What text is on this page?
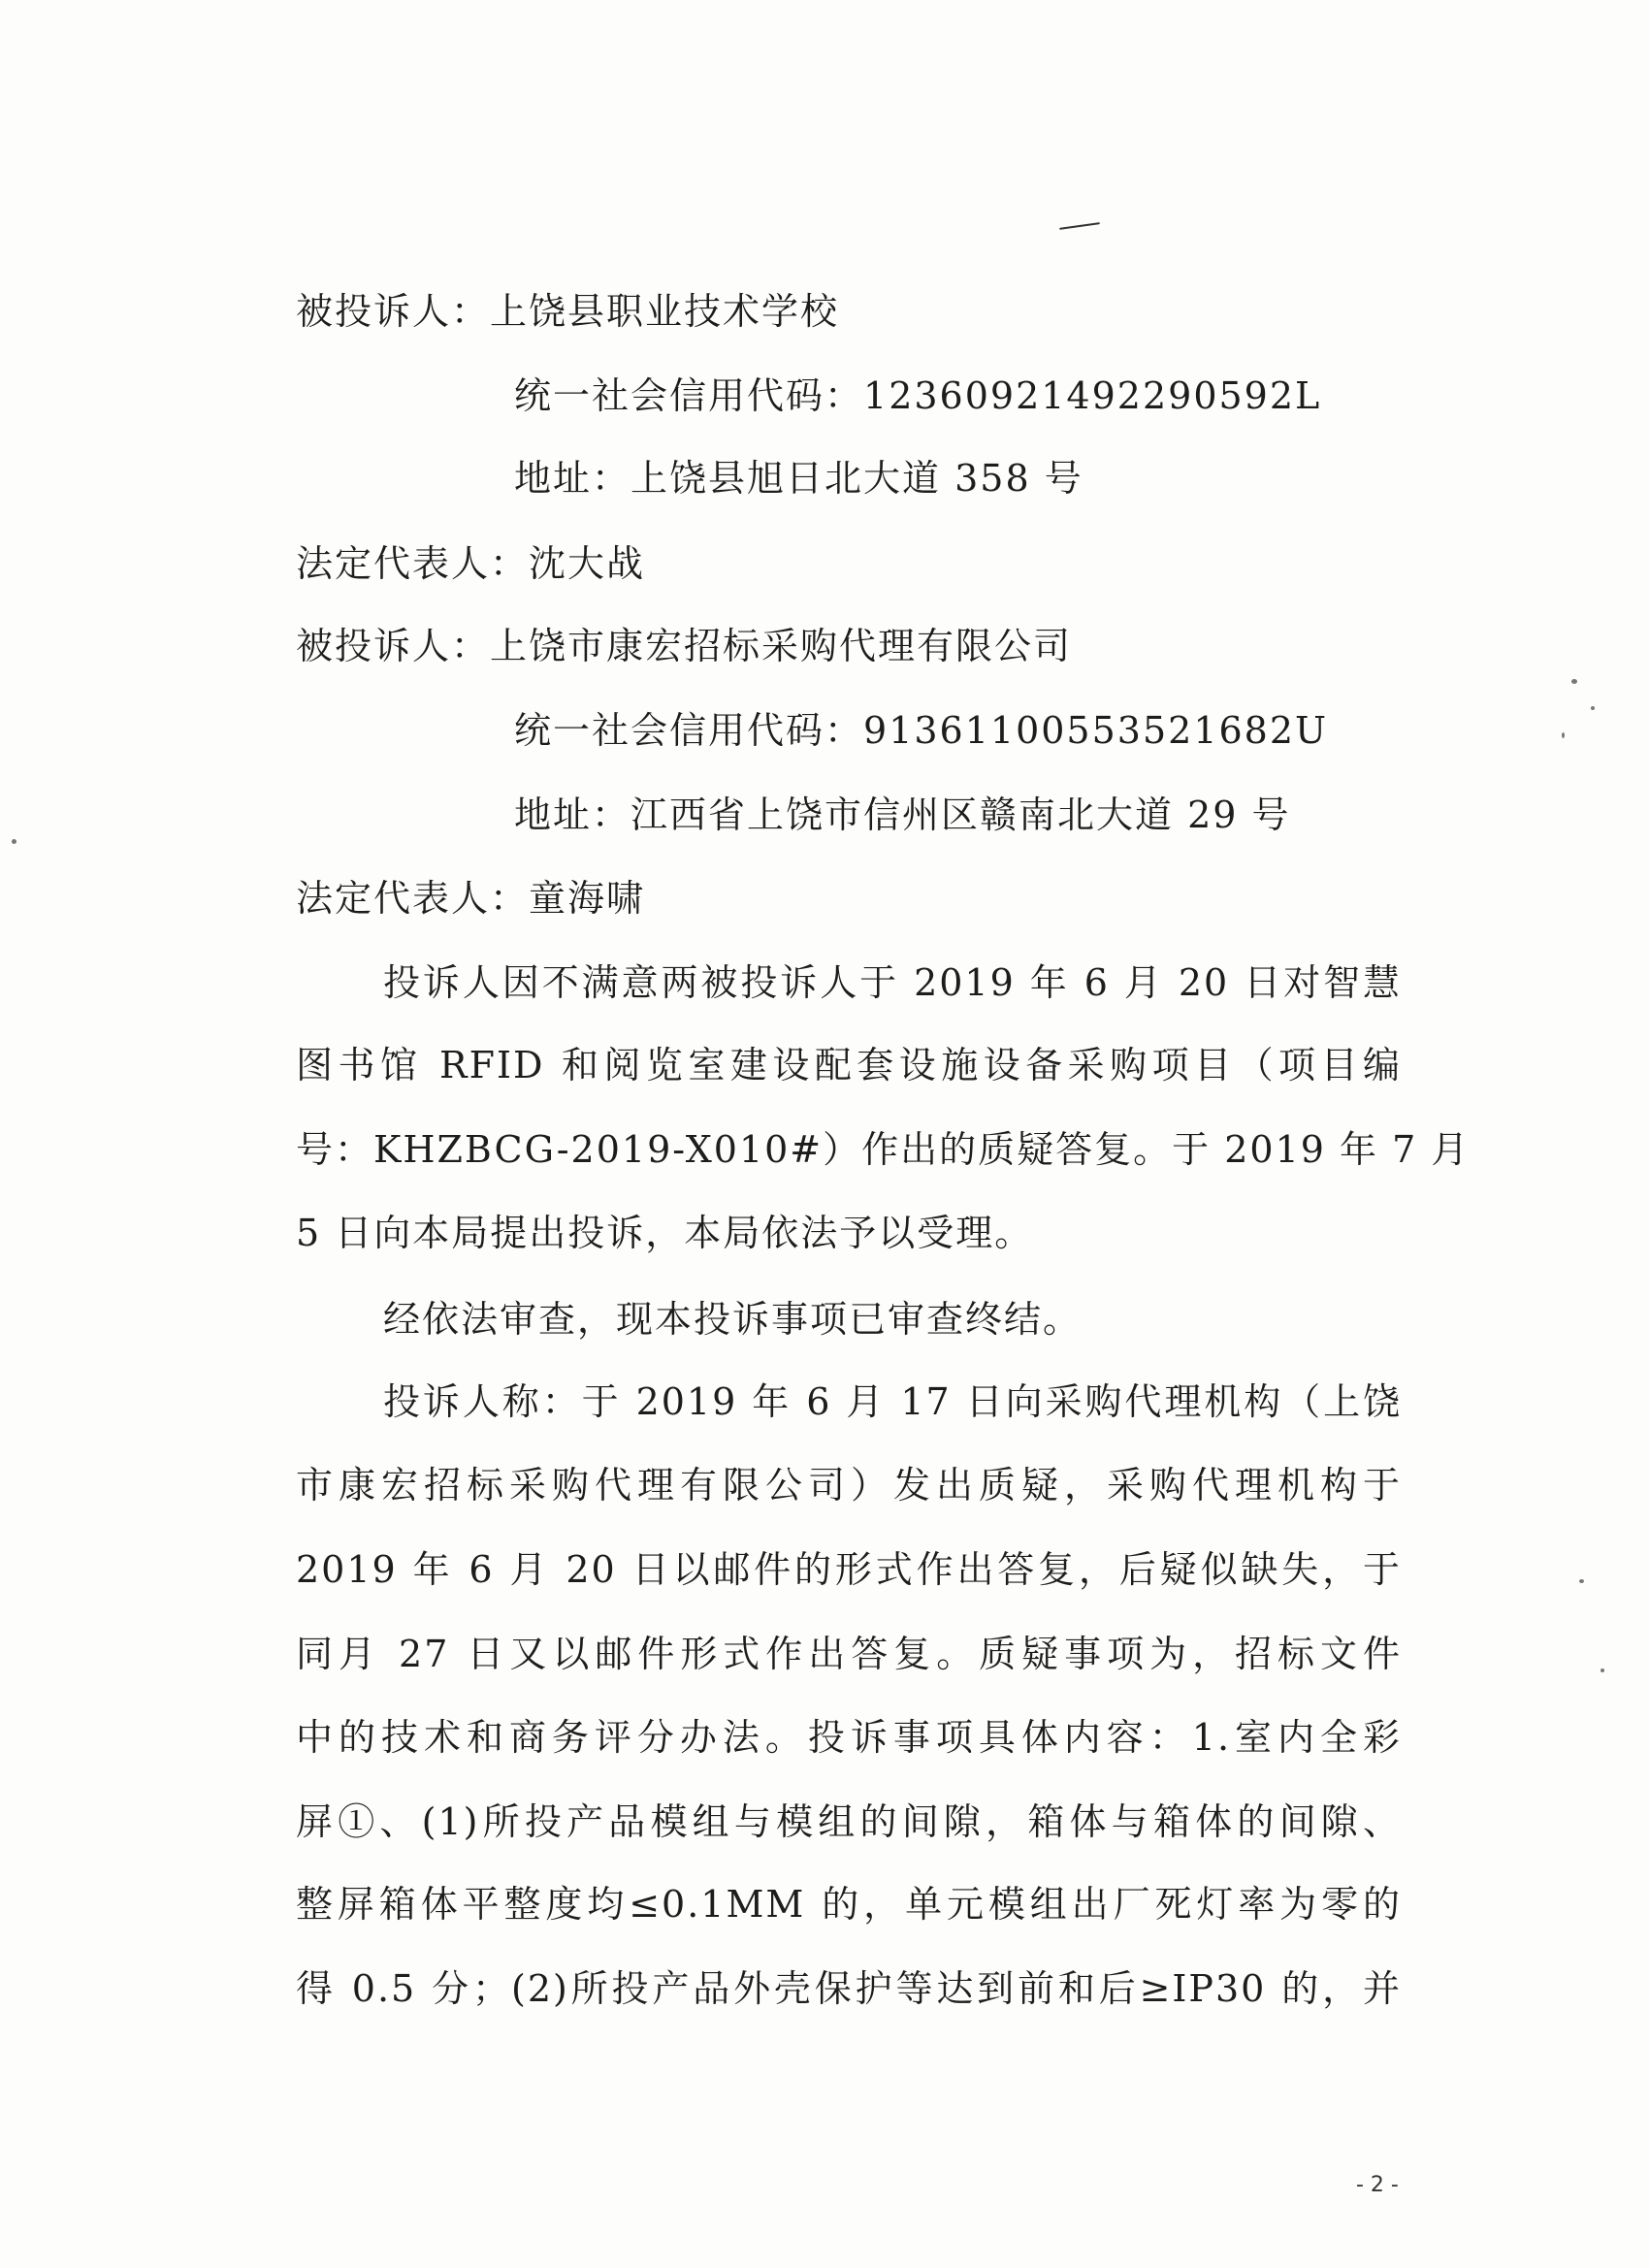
被投诉人：上饶县职业技术学校
统一社会信用代码：12360921492290592L
地址：上饶县旭日北大道 358 号
法定代表人：沈大战
被投诉人：上饶市康宏招标采购代理有限公司
统一社会信用代码：91361100553521682U
地址：江西省上饶市信州区赣南北大道 29 号
法定代表人：童海啸
投诉人因不满意两被投诉人于 2019 年 6 月 20 日对智慧
图书馆 RFID 和阅览室建设配套设施设备采购项目（项目编
号：KHZBCG-2019-X010#）作出的质疑答复。于 2019 年 7 月
5 日向本局提出投诉，本局依法予以受理。
经依法审查，现本投诉事项已审查终结。
投诉人称：于 2019 年 6 月 17 日向采购代理机构（上饶
市康宏招标采购代理有限公司）发出质疑，采购代理机构于
2019 年 6 月 20 日以邮件的形式作出答复，后疑似缺失，于
同月 27 日又以邮件形式作出答复。质疑事项为，招标文件
中的技术和商务评分办法。投诉事项具体内容：1.室内全彩
屏①、(1)所投产品模组与模组的间隙，箱体与箱体的间隙、
整屏箱体平整度均≤0.1MM 的，单元模组出厂死灯率为零的
得 0.5 分；(2)所投产品外壳保护等达到前和后≥IP30 的，并
- 2 -
